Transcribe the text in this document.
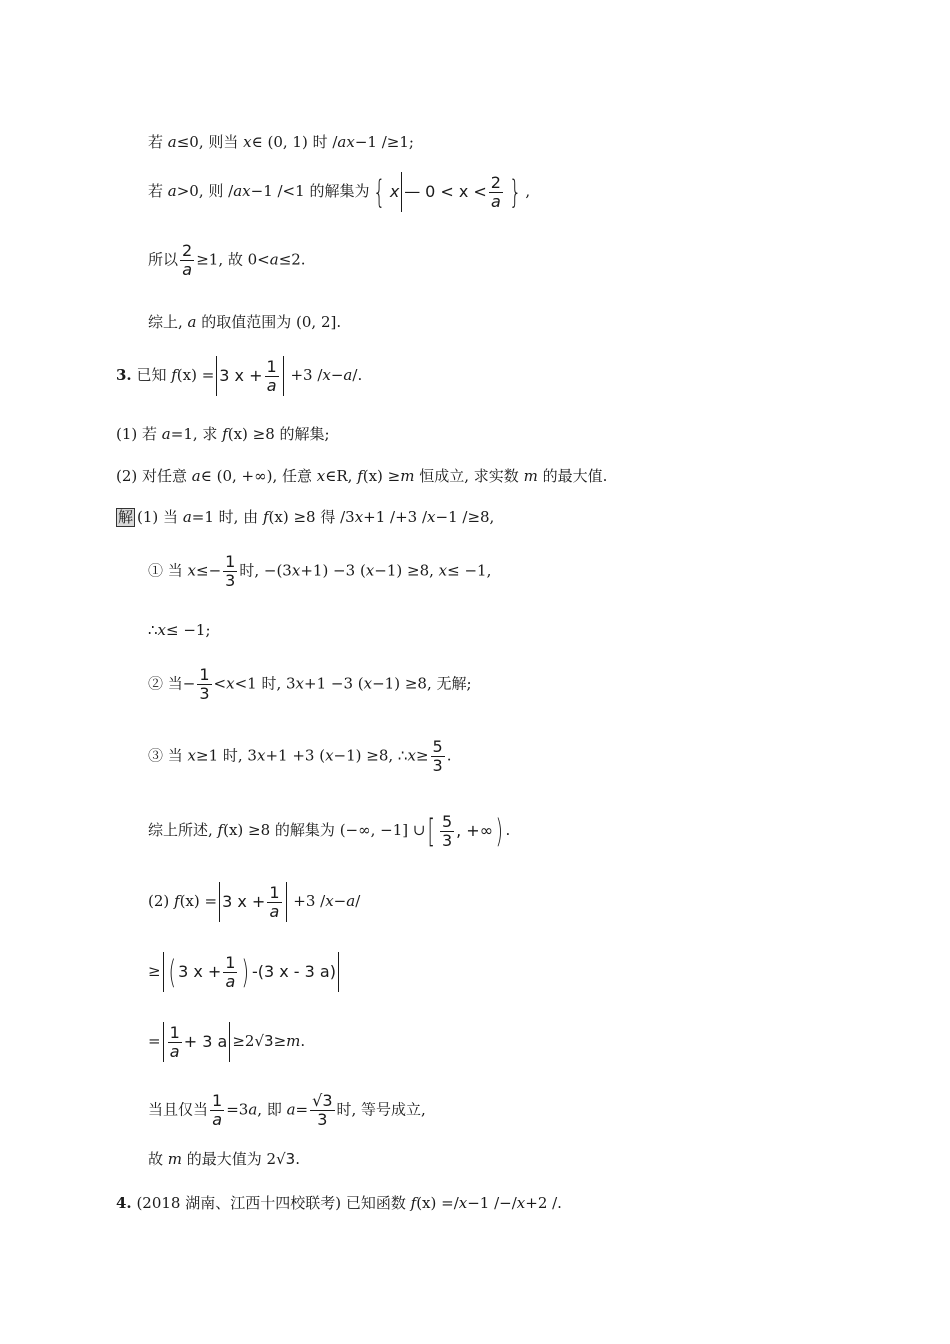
若 a≤0, 则当 x∈ (0, 1) 时 /ax−1 /≥1;
若 a>0, 则 /ax−1 /<1 的解集为 { x — $0 < x < \frac{2}{a}$ } ,
所以 $\frac{2}{a} \ge 1$, 故 0<a≤2.
综上, a 的取值范围为 (0, 2].
3. 已知 f(x) = 3 $x + \frac{1}{a} +3$ /x−a/.
(1) 若 a=1, 求 f(x) ≥8 的解集;
(2) 对任意 a∈ (0, +∞), 任意 x∈R, f(x) ≥m 恒成立, 求实数 m 的最大值.
解 (1) 当 a=1 时, 由 f(x) ≥8 得 /3x+1 /+3 /x−1 /≥8,
① 当 $x\le- \frac{1}{3}$ 时, −(3x+1) −3 (x−1) ≥8, x≤ −1,
∴x≤ −1;
② 当− $\frac{1}{3} <x<1$ 时, 3x+1 −3 (x−1) ≥8, 无解;
③ 当 x≥1 时, 3x+1 +3 (x−1) ≥8, ∴x≥ $\frac{5}{3}$ .
综上所述, f(x) ≥8 的解集为 (−∞, −1] ∪[ $\frac{5}{3}$ , +∞) .
(2) f(x) = 3 $x + \frac{1}{a} +3$ /x−a/
≥ ( 3 $x + \frac{1}{a}$ ) -(3 x - 3 a)
= $\frac{1}{a} + 3$ a ≥2√3≥m.
当且仅当 $\frac{1}{a} =3a$, 即 $a= \frac{√3}{3}$ 时, 等号成立,
故 m 的最大值为 2√3.
4. (2018 湖南、江西十四校联考) 已知函数 f(x) =/x−1 /−/x+2 /.
